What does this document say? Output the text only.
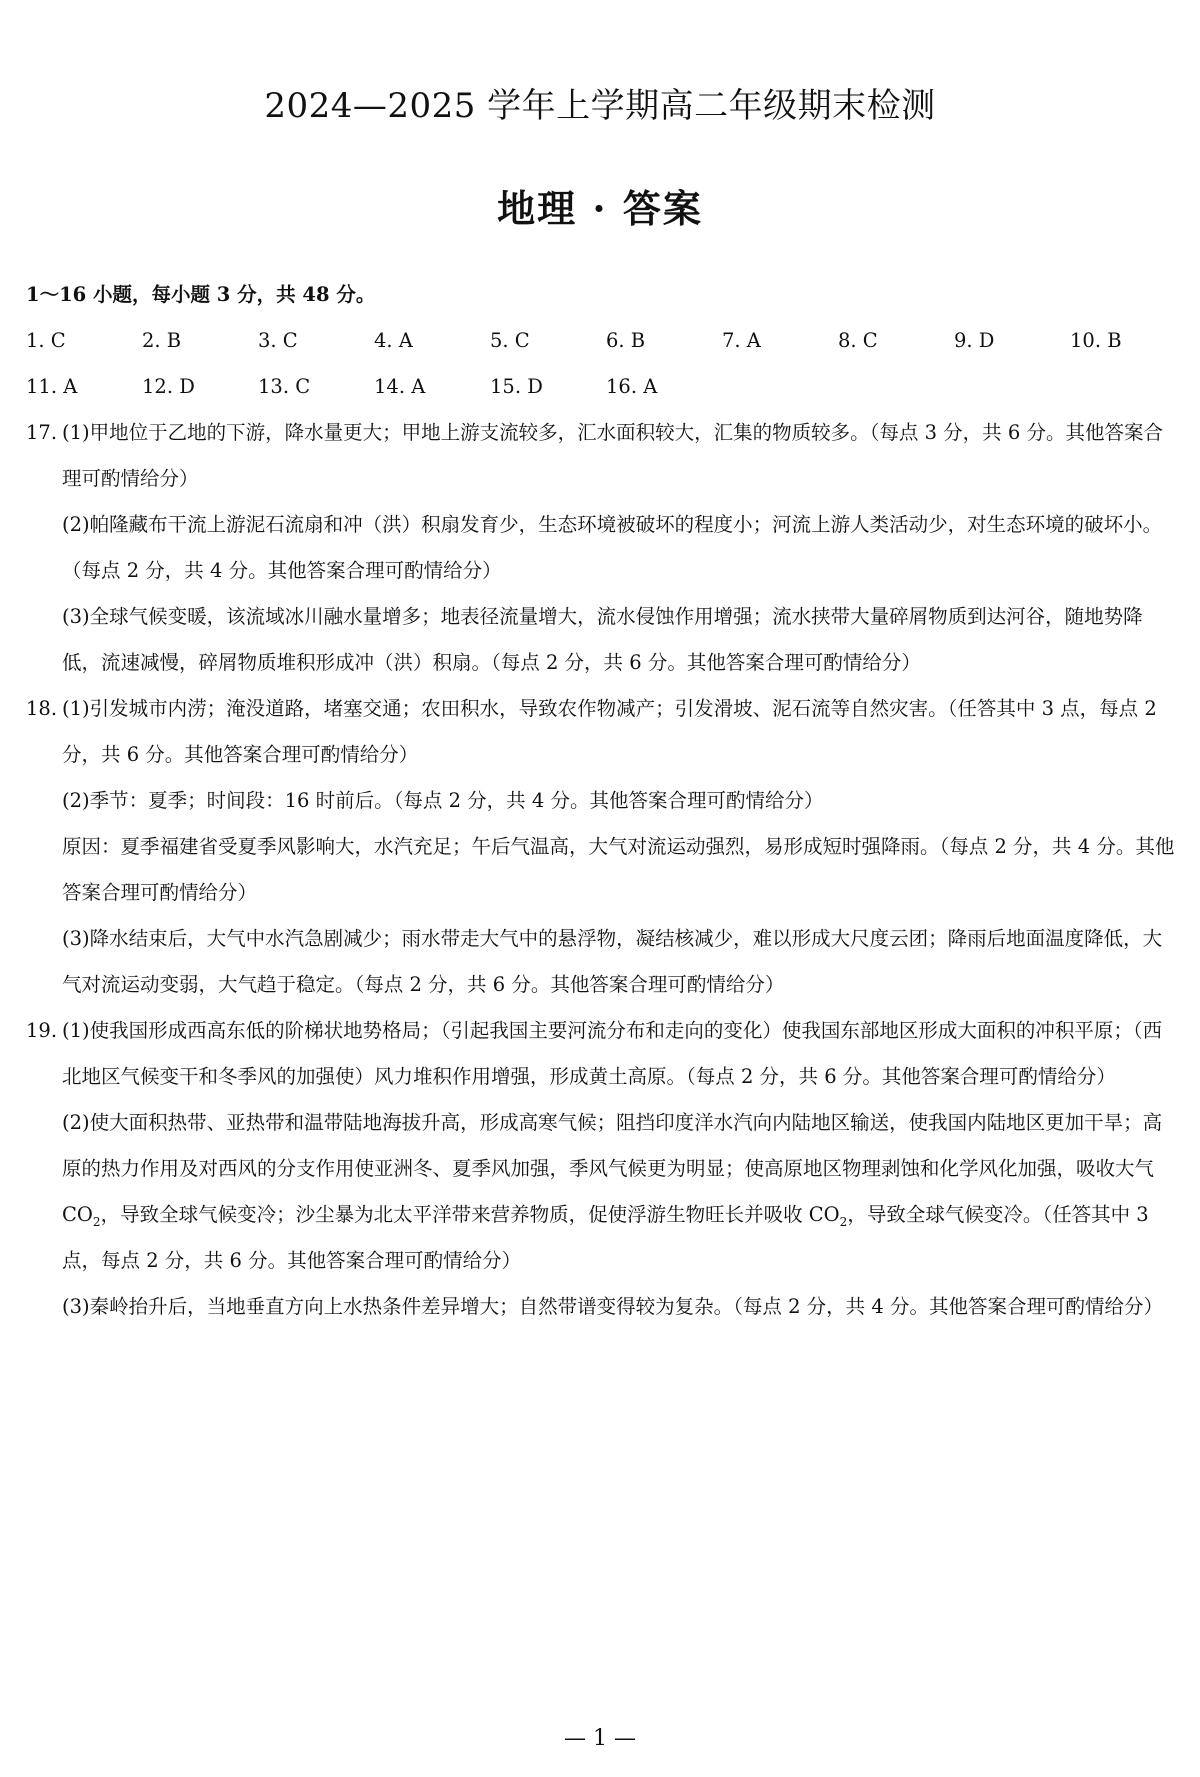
2024—2025 学年上学期高二年级期末检测
地理 · 答案
1～16 小题，每小题 3 分，共 48 分。
1. C	2. B	3. C	4. A	5. C	6. B	7. A	8. C	9. D	10. B
11. A	12. D	13. C	14. A	15. D	16. A
17. (1)甲地位于乙地的下游，降水量更大；甲地上游支流较多，汇水面积较大，汇集的物质较多。（每点 3 分，共 6 分。其他答案合理可酌情给分）
(2)帕隆藏布干流上游泥石流扇和冲（洪）积扇发育少，生态环境被破坏的程度小；河流上游人类活动少，对生态环境的破坏小。（每点 2 分，共 4 分。其他答案合理可酌情给分）
(3)全球气候变暖，该流域冰川融水量增多；地表径流量增大，流水侵蚀作用增强；流水挟带大量碎屑物质到达河谷，随地势降低，流速减慢，碎屑物质堆积形成冲（洪）积扇。（每点 2 分，共 6 分。其他答案合理可酌情给分）
18. (1)引发城市内涝；淹没道路，堵塞交通；农田积水，导致农作物减产；引发滑坡、泥石流等自然灾害。（任答其中 3 点，每点 2 分，共 6 分。其他答案合理可酌情给分）
(2)季节：夏季；时间段：16 时前后。（每点 2 分，共 4 分。其他答案合理可酌情给分）
原因：夏季福建省受夏季风影响大，水汽充足；午后气温高，大气对流运动强烈，易形成短时强降雨。（每点 2 分，共 4 分。其他答案合理可酌情给分）
(3)降水结束后，大气中水汽急剧减少；雨水带走大气中的悬浮物，凝结核减少，难以形成大尺度云团；降雨后地面温度降低，大气对流运动变弱，大气趋于稳定。（每点 2 分，共 6 分。其他答案合理可酌情给分）
19. (1)使我国形成西高东低的阶梯状地势格局；（引起我国主要河流分布和走向的变化）使我国东部地区形成大面积的冲积平原；（西北地区气候变干和冬季风的加强使）风力堆积作用增强，形成黄土高原。（每点 2 分，共 6 分。其他答案合理可酌情给分）
(2)使大面积热带、亚热带和温带陆地海拔升高，形成高寒气候；阻挡印度洋水汽向内陆地区输送，使我国内陆地区更加干旱；高原的热力作用及对西风的分支作用使亚洲冬、夏季风加强，季风气候更为明显；使高原地区物理剥蚀和化学风化加强，吸收大气 $CO_2$，导致全球气候变冷；沙尘暴为北太平洋带来营养物质，促使浮游生物旺长并吸收 $CO_2$，导致全球气候变冷。（任答其中 3 点，每点 2 分，共 6 分。其他答案合理可酌情给分）
(3)秦岭抬升后，当地垂直方向上水热条件差异增大；自然带谱变得较为复杂。（每点 2 分，共 4 分。其他答案合理可酌情给分）
— 1 —
